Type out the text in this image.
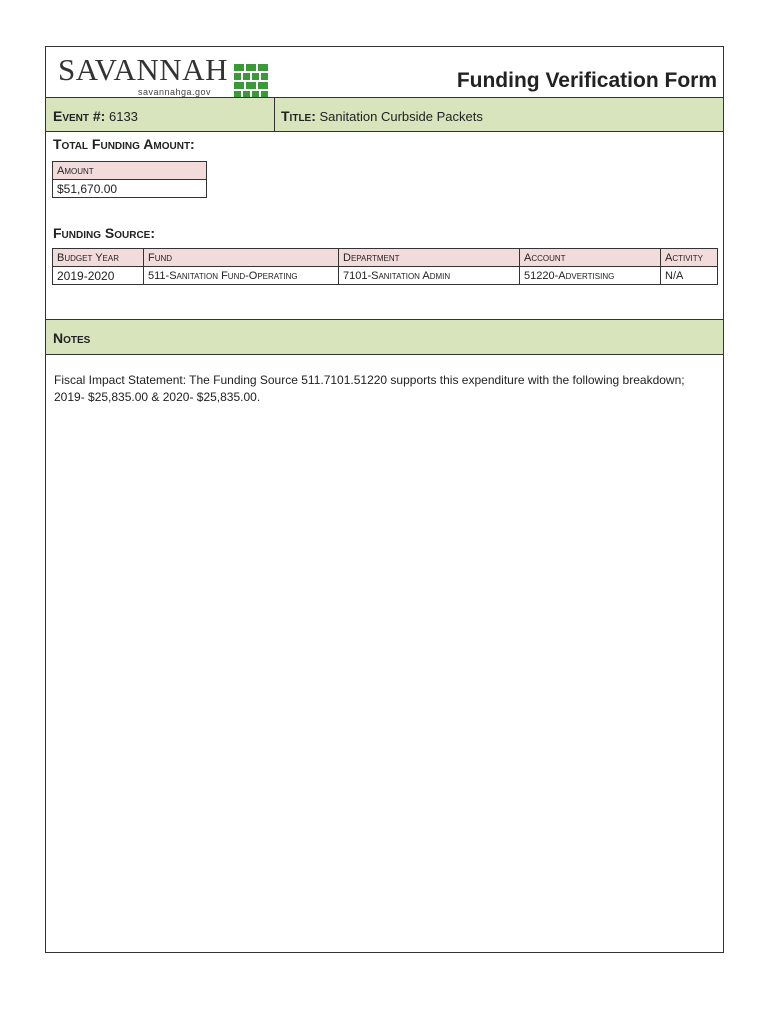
SAVANNAH
savannahga.gov	Funding Verification Form
Event #: 6133	Title: Sanitation Curbside Packets
Total Funding Amount:
Amount
$51,670.00
Funding Source:
Budget Year	Fund	Department	Account	Activity
2019-2020	511-Sanitation Fund-Operating	7101-Sanitation Admin	51220-Advertising	N/A
Notes
Fiscal Impact Statement: The Funding Source 511.7101.51220 supports this expenditure with the following breakdown; 2019- $25,835.00 & 2020- $25,835.00.
